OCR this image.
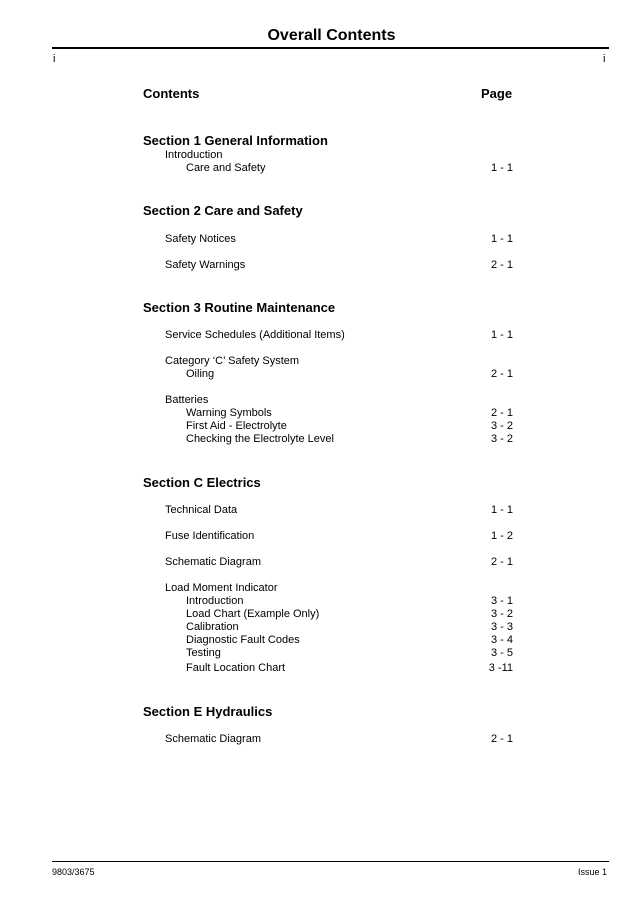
Overall Contents
i	i
Contents	Page
Section 1 General Information
Introduction
Care and Safety	1 - 1
Section 2 Care and Safety
Safety Notices	1 - 1
Safety Warnings	2 - 1
Section 3 Routine Maintenance
Service Schedules (Additional Items)	1 - 1
Category ‘C’ Safety System
Oiling	2 - 1
Batteries
Warning Symbols	2 - 1
First Aid - Electrolyte	3 - 2
Checking the Electrolyte Level	3 - 2
Section C Electrics
Technical Data	1 - 1
Fuse Identification	1 - 2
Schematic Diagram	2 - 1
Load Moment Indicator
Introduction	3 - 1
Load Chart (Example Only)	3 - 2
Calibration	3 - 3
Diagnostic Fault Codes	3 - 4
Testing	3 - 5
Fault Location Chart	3 -11
Section E Hydraulics
Schematic Diagram	2 - 1
9803/3675	Issue 1
